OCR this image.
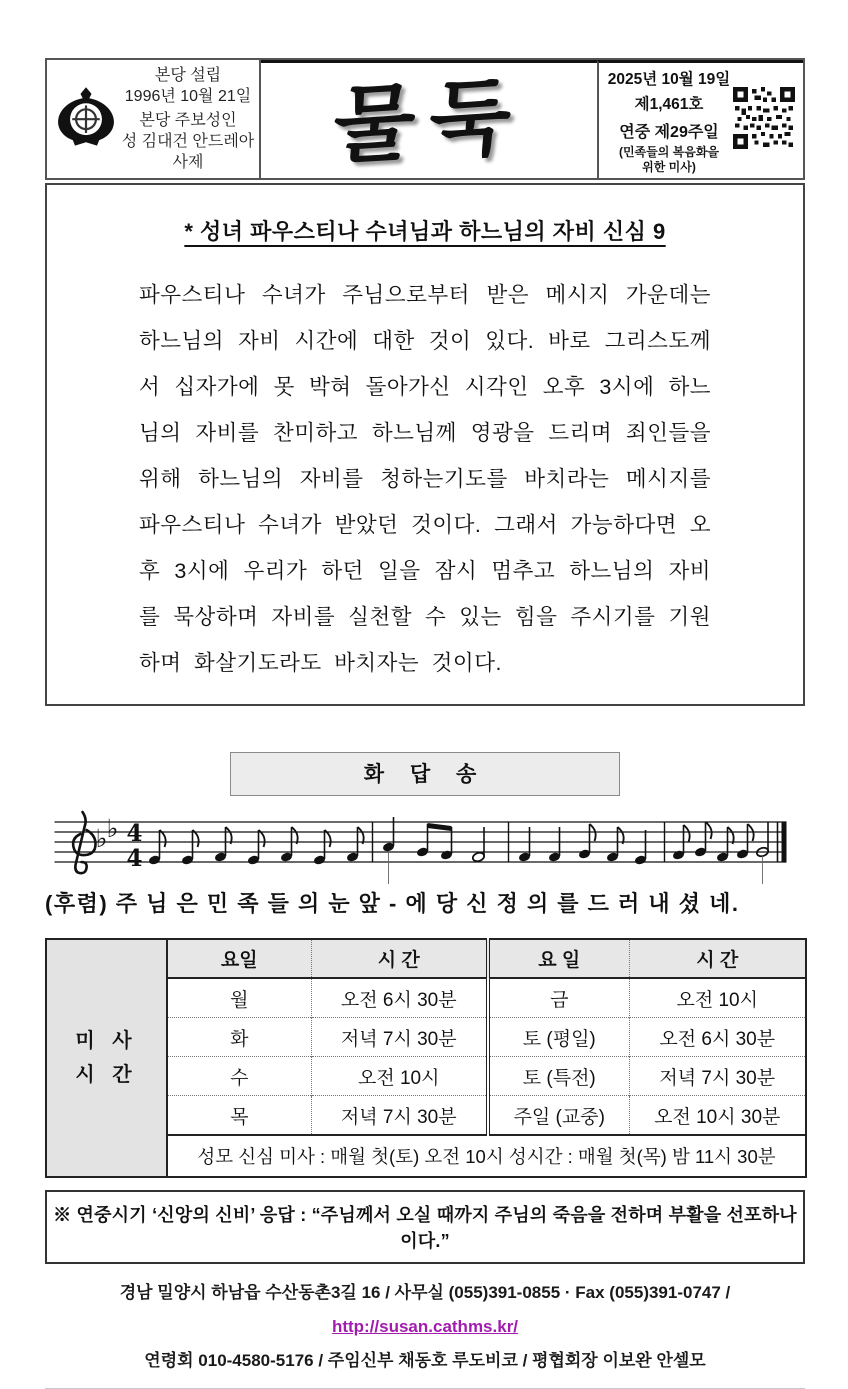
본당 설립
1996년 10월 21일
본당 주보성인
성 김대건 안드레아 사제	물둑	2025년 10월 19일
제1,461호
연중 제29주일
(민족들의 복음화을
위한 미사)
* 성녀 파우스티나 수녀님과 하느님의 자비 신심 9

파우스티나 수녀가 주님으로부터 받은 메시지 가운데는 하느님의 자비 시간에 대한 것이 있다. 바로 그리스도께서 십자가에 못 박혀 돌아가신 시각인 오후 3시에 하느님의 자비를 찬미하고 하느님께 영광을 드리며 죄인들을 위해 하느님의 자비를 청하는기도를 바치라는 메시지를 파우스티나 수녀가 받았던 것이다. 그래서 가능하다면 오후 3시에 우리가 하던 일을 잠시 멈추고 하느님의 자비를 묵상하며 자비를 실천할 수 있는 힘을 주시기를 기원하며 화살기도라도 바치자는 것이다.

화 답 송
♭ ♭ 4
4
(후렴) 주 님 은 민 족 들 의 눈 앞 - 에 당 신 정 의 를 드 러 내 셨 네.
미 사
시 간	요일	시 간	요 일	시 간
	월	오전 6시 30분	금	오전 10시
	화	저녁 7시 30분	토 (평일)	오전 6시 30분
	수	오전 10시	토 (특전)	저녁 7시 30분
	목	저녁 7시 30분	주일 (교중)	오전 10시 30분
	성모 신심 미사 : 매월 첫(토) 오전 10시 성시간 : 매월 첫(목) 밤 11시 30분			
※ 연중시기 ‘신앙의 신비’ 응답 : “주님께서 오실 때까지 주님의 죽음을 전하며 부활을 선포하나이다.”
경남 밀양시 하남읍 수산동촌3길 16 / 사무실 (055)391-0855 · Fax (055)391-0747 / http://susan.cathms.kr/
연령회 010-4580-5176 / 주임신부 채동호 루도비코 / 평협회장 이보완 안셀모
